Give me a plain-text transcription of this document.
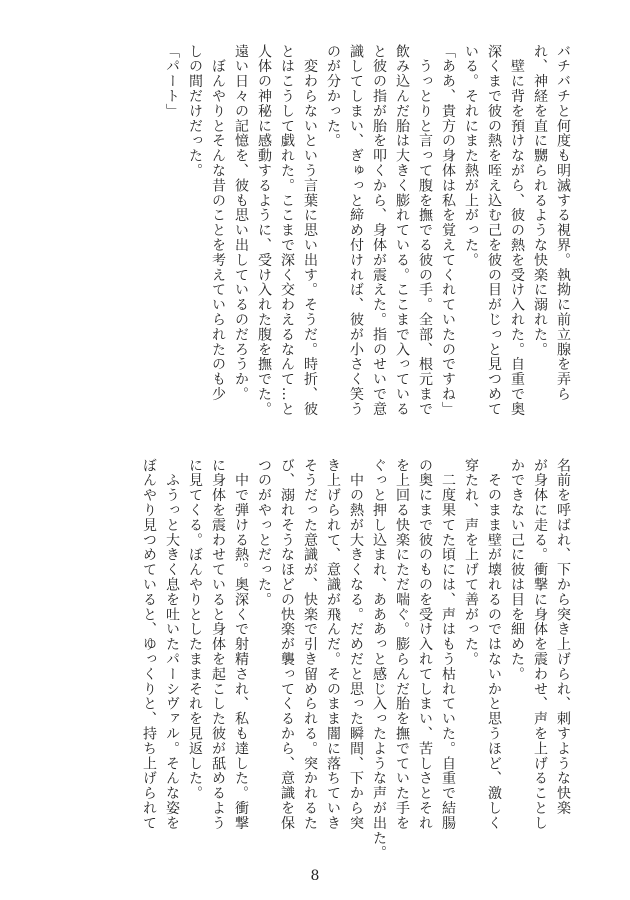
バチバチと何度も明滅する視界。執拗に前立腺を弄ら
れ、神経を直に嬲られるような快楽に溺れた。
　壁に背を預けながら、彼の熱を受け入れた。自重で奥
深くまで彼の熱を咥え込む己を彼の目がじっと見つめて
いる。それにまた熱が上がった。
「ああ、貴方の身体は私を覚えてくれていたのですね」
　うっとりと言って腹を撫でる彼の手。全部、根元まで
飲み込んだ胎は大きく膨れている。ここまで入っている
と彼の指が胎を叩くから、身体が震えた。指のせいで意
識してしまい、ぎゅっと締め付ければ、彼が小さく笑う
のが分かった。
　変わらないという言葉に思い出す。そうだ。時折、彼
とはこうして戯れた。ここまで深く交わえるなんて…と
人体の神秘に感動するように、受け入れた腹を撫でた。
遠い日々の記憶を、彼も思い出しているのだろうか。
　ぼんやりとそんな昔のことを考えていられたのも少
しの間だけだった。
「パート」
名前を呼ばれ、下から突き上げられ、刺すような快楽
が身体に走る。衝撃に身体を震わせ、声を上げることし
かできない己に彼は目を細めた。
　そのまま壁が壊れるのではないかと思うほど、激しく
穿たれ、声を上げて善がった。
　二度果てた頃には、声はもう枯れていた。自重で結腸
の奥にまで彼のものを受け入れてしまい、苦しさとそれ
を上回る快楽にただ喘ぐ。膨らんだ胎を撫でていた手を
ぐっと押し込まれ、あああっと感じ入ったような声が出た。
　中の熱が大きくなる。だめだと思った瞬間、下から突
き上げられて、意識が飛んだ。そのまま闇に落ちていき
そうだった意識が、快楽で引き留められる。突かれるた
び、溺れそうなほどの快楽が襲ってくるから、意識を保
つのがやっとだった。
　中で弾ける熱。奥深くで射精され、私も達した。衝撃
に身体を震わせていると身体を起こした彼が舐めるよう
に見てくる。ぼんやりとしたままそれを見返した。
　ふうっと大きく息を吐いたパーシヴァル。そんな姿を
ぼんやり見つめていると、ゆっくりと、持ち上げられて
8
